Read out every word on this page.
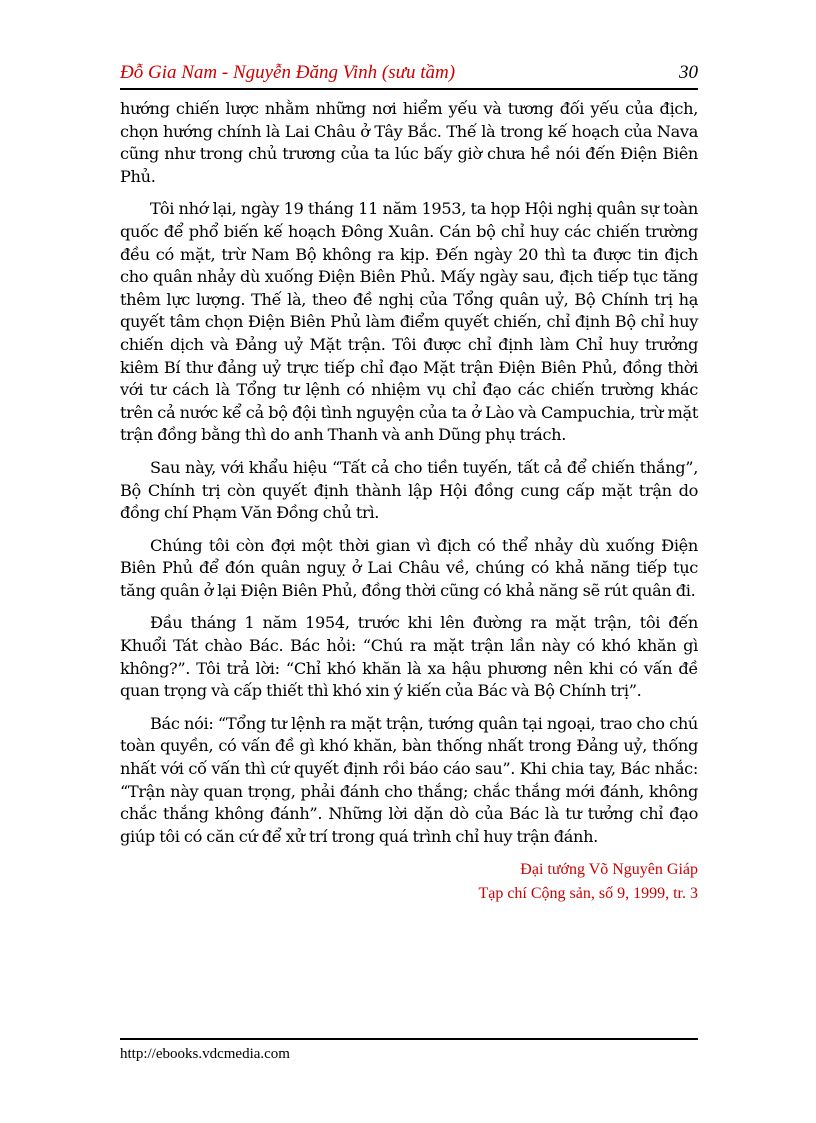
Đỗ Gia Nam - Nguyễn Đăng Vinh (sưu tầm)	30

hướng chiến lược nhằm những nơi hiểm yếu và tương đối yếu của địch, chọn hướng chính là Lai Châu ở Tây Bắc. Thế là trong kế hoạch của Nava cũng như trong chủ trương của ta lúc bấy giờ chưa hề nói đến Điện Biên Phủ.

Tôi nhớ lại, ngày 19 tháng 11 năm 1953, ta họp Hội nghị quân sự toàn quốc để phổ biến kế hoạch Đông Xuân. Cán bộ chỉ huy các chiến trường đều có mặt, trừ Nam Bộ không ra kịp. Đến ngày 20 thì ta được tin địch cho quân nhảy dù xuống Điện Biên Phủ. Mấy ngày sau, địch tiếp tục tăng thêm lực lượng. Thế là, theo đề nghị của Tổng quân uỷ, Bộ Chính trị hạ quyết tâm chọn Điện Biên Phủ làm điểm quyết chiến, chỉ định Bộ chỉ huy chiến dịch và Đảng uỷ Mặt trận. Tôi được chỉ định làm Chỉ huy trưởng kiêm Bí thư đảng uỷ trực tiếp chỉ đạo Mặt trận Điện Biên Phủ, đồng thời với tư cách là Tổng tư lệnh có nhiệm vụ chỉ đạo các chiến trường khác trên cả nước kể cả bộ đội tình nguyện của ta ở Lào và Campuchia, trừ mặt trận đồng bằng thì do anh Thanh và anh Dũng phụ trách.

Sau này, với khẩu hiệu “Tất cả cho tiền tuyến, tất cả để chiến thắng”, Bộ Chính trị còn quyết định thành lập Hội đồng cung cấp mặt trận do đồng chí Phạm Văn Đồng chủ trì.

Chúng tôi còn đợi một thời gian vì địch có thể nhảy dù xuống Điện Biên Phủ để đón quân nguỵ ở Lai Châu về, chúng có khả năng tiếp tục tăng quân ở lại Điện Biên Phủ, đồng thời cũng có khả năng sẽ rút quân đi.

Đầu tháng 1 năm 1954, trước khi lên đường ra mặt trận, tôi đến Khuổi Tát chào Bác. Bác hỏi: “Chú ra mặt trận lần này có khó khăn gì không?”. Tôi trả lời: “Chỉ khó khăn là xa hậu phương nên khi có vấn đề quan trọng và cấp thiết thì khó xin ý kiến của Bác và Bộ Chính trị”.

Bác nói: “Tổng tư lệnh ra mặt trận, tướng quân tại ngoại, trao cho chú toàn quyền, có vấn đề gì khó khăn, bàn thống nhất trong Đảng uỷ, thống nhất với cố vấn thì cứ quyết định rồi báo cáo sau”. Khi chia tay, Bác nhắc: “Trận này quan trọng, phải đánh cho thắng; chắc thắng mới đánh, không chắc thắng không đánh”. Những lời dặn dò của Bác là tư tưởng chỉ đạo giúp tôi có căn cứ để xử trí trong quá trình chỉ huy trận đánh.

Đại tướng Võ Nguyên Giáp
Tạp chí Cộng sản, số 9, 1999, tr. 3
http://ebooks.vdcmedia.com
